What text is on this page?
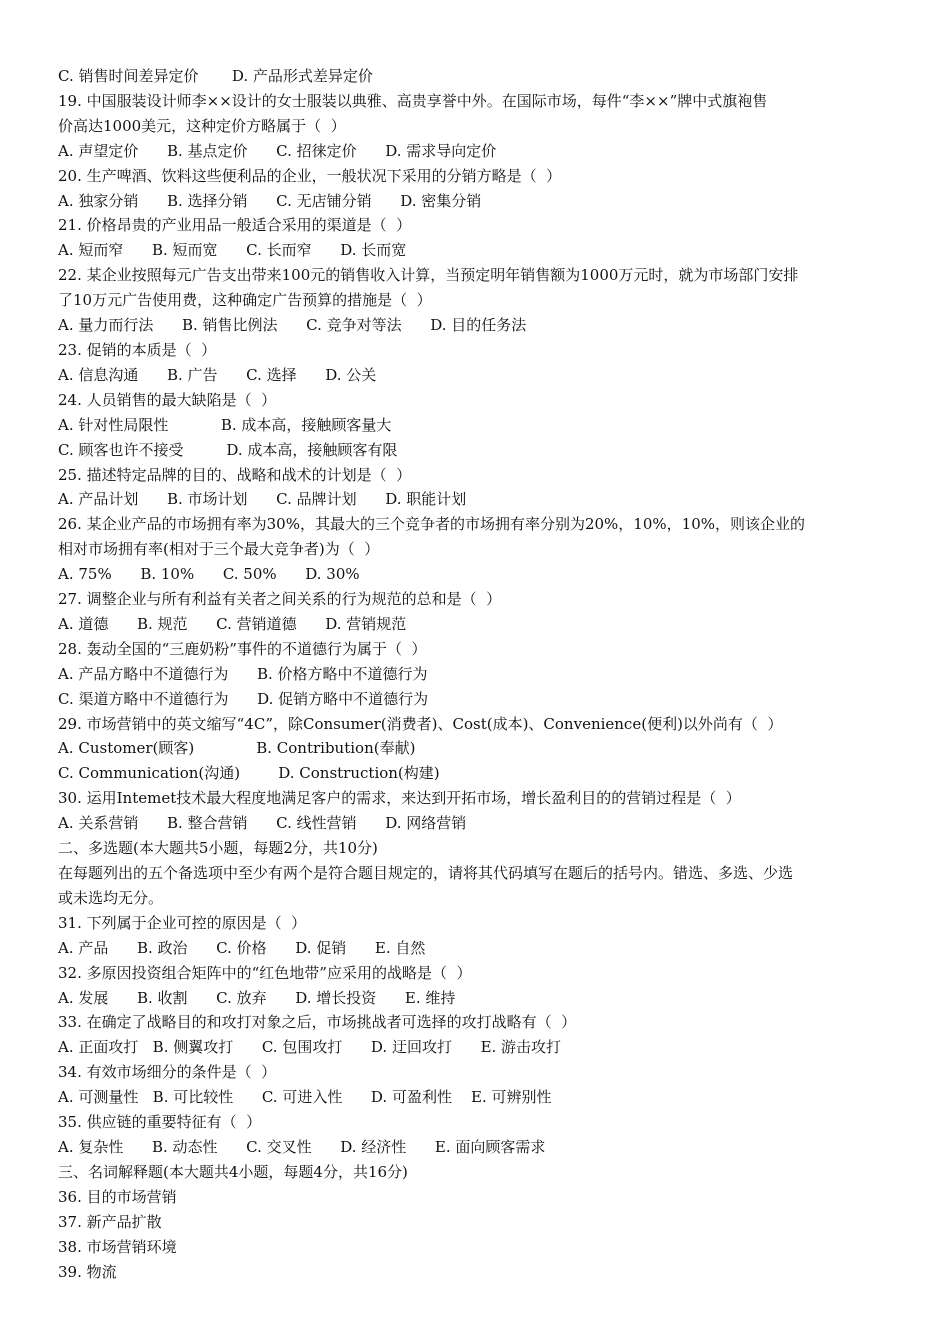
C. 销售时间差异定价       D. 产品形式差异定价
19. 中国服装设计师李××设计的女士服装以典雅、高贵享誉中外。在国际市场，每件“李××”牌中式旗袍售
价高达1000美元，这种定价方略属于（  ）
A. 声望定价      B. 基点定价      C. 招徕定价      D. 需求导向定价
20. 生产啤酒、饮料这些便利品的企业，一般状况下采用的分销方略是（  ）
A. 独家分销      B. 选择分销      C. 无店铺分销      D. 密集分销
21. 价格昂贵的产业用品一般适合采用的渠道是（  ）
A. 短而窄      B. 短而宽      C. 长而窄      D. 长而宽
22. 某企业按照每元广告支出带来100元的销售收入计算，当预定明年销售额为1000万元时，就为市场部门安排
了10万元广告使用费，这种确定广告预算的措施是（  ）
A. 量力而行法      B. 销售比例法      C. 竞争对等法      D. 目的任务法
23. 促销的本质是（  ）
A. 信息沟通      B. 广告      C. 选择      D. 公关
24. 人员销售的最大缺陷是（  ）
A. 针对性局限性           B. 成本高，接触顾客量大
C. 顾客也许不接受         D. 成本高，接触顾客有限
25. 描述特定品牌的目的、战略和战术的计划是（  ）
A. 产品计划      B. 市场计划      C. 品牌计划      D. 职能计划
26. 某企业产品的市场拥有率为30%，其最大的三个竞争者的市场拥有率分别为20%，10%，10%，则该企业的
相对市场拥有率(相对于三个最大竞争者)为（  ）
A. 75%      B. 10%      C. 50%      D. 30%
27. 调整企业与所有利益有关者之间关系的行为规范的总和是（  ）
A. 道德      B. 规范      C. 营销道德      D. 营销规范
28. 轰动全国的“三鹿奶粉”事件的不道德行为属于（  ）
A. 产品方略中不道德行为      B. 价格方略中不道德行为
C. 渠道方略中不道德行为      D. 促销方略中不道德行为
29. 市场营销中的英文缩写“4C”，除Consumer(消费者)、Cost(成本)、Convenience(便利)以外尚有（  ）
A. Customer(顾客)             B. Contribution(奉献)
C. Communication(沟通)        D. Construction(构建)
30. 运用Intemet技术最大程度地满足客户的需求，来达到开拓市场，增长盈利目的的营销过程是（  ）
A. 关系营销      B. 整合营销      C. 线性营销      D. 网络营销
二、多选题(本大题共5小题，每题2分，共10分)
在每题列出的五个备选项中至少有两个是符合题目规定的，请将其代码填写在题后的括号内。错选、多选、少选
或未选均无分。
31. 下列属于企业可控的原因是（  ）
A. 产品      B. 政治      C. 价格      D. 促销      E. 自然
32. 多原因投资组合矩阵中的“红色地带”应采用的战略是（  ）
A. 发展      B. 收割      C. 放弃      D. 增长投资      E. 维持
33. 在确定了战略目的和攻打对象之后，市场挑战者可选择的攻打战略有（  ）
A. 正面攻打   B. 侧翼攻打      C. 包围攻打      D. 迂回攻打      E. 游击攻打
34. 有效市场细分的条件是（  ）
A. 可测量性   B. 可比较性      C. 可进入性      D. 可盈利性    E. 可辨别性
35. 供应链的重要特征有（  ）
A. 复杂性      B. 动态性      C. 交叉性      D. 经济性      E. 面向顾客需求
三、名词解释题(本大题共4小题，每题4分，共16分)
36. 目的市场营销
37. 新产品扩散
38. 市场营销环境
39. 物流
